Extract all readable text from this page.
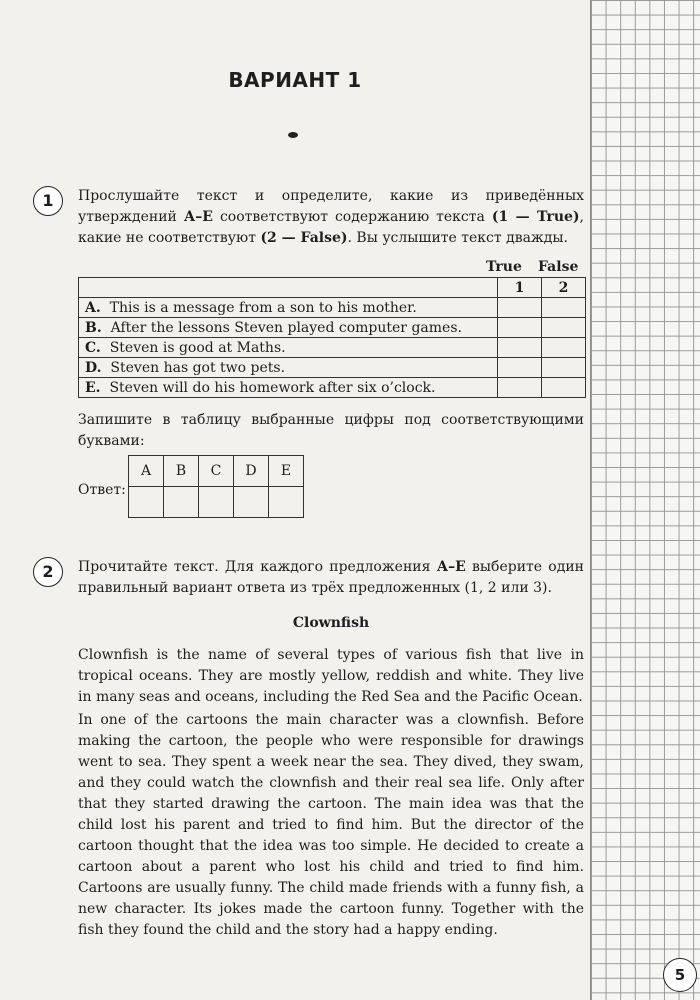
ВАРИАНТ 1
1	Прослушайте текст и определите, какие из приведённых утверждений А–Е соответствуют содержанию текста (1 — True), какие не соответствуют (2 — False). Вы услышите текст дважды.

True False
	1	2
A. This is a message from a son to his mother.		
B. After the lessons Steven played computer games.		
C. Steven is good at Maths.		
D. Steven has got two pets.		
E. Steven will do his homework after six o’clock.		

Запишите в таблицу выбранные цифры под соответствующими буквами:

Ответ:
A	B	C	D	E

2	Прочитайте текст. Для каждого предложения А–Е выберите один правильный вариант ответа из трёх предложенных (1, 2 или 3).

Clownfish

Clownfish is the name of several types of various fish that live in tropical oceans. They are mostly yellow, reddish and white. They live in many seas and oceans, including the Red Sea and the Pacific Ocean.

In one of the cartoons the main character was a clownfish. Before making the cartoon, the people who were responsible for drawings went to sea. They spent a week near the sea. They dived, they swam, and they could watch the clownfish and their real sea life. Only after that they started drawing the cartoon. The main idea was that the child lost his parent and tried to find him. But the director of the cartoon thought that the idea was too simple. He decided to create a cartoon about a parent who lost his child and tried to find him. Cartoons are usually funny. The child made friends with a funny fish, a new character. Its jokes made the cartoon funny. Together with the fish they found the child and the story had a happy ending.

5
